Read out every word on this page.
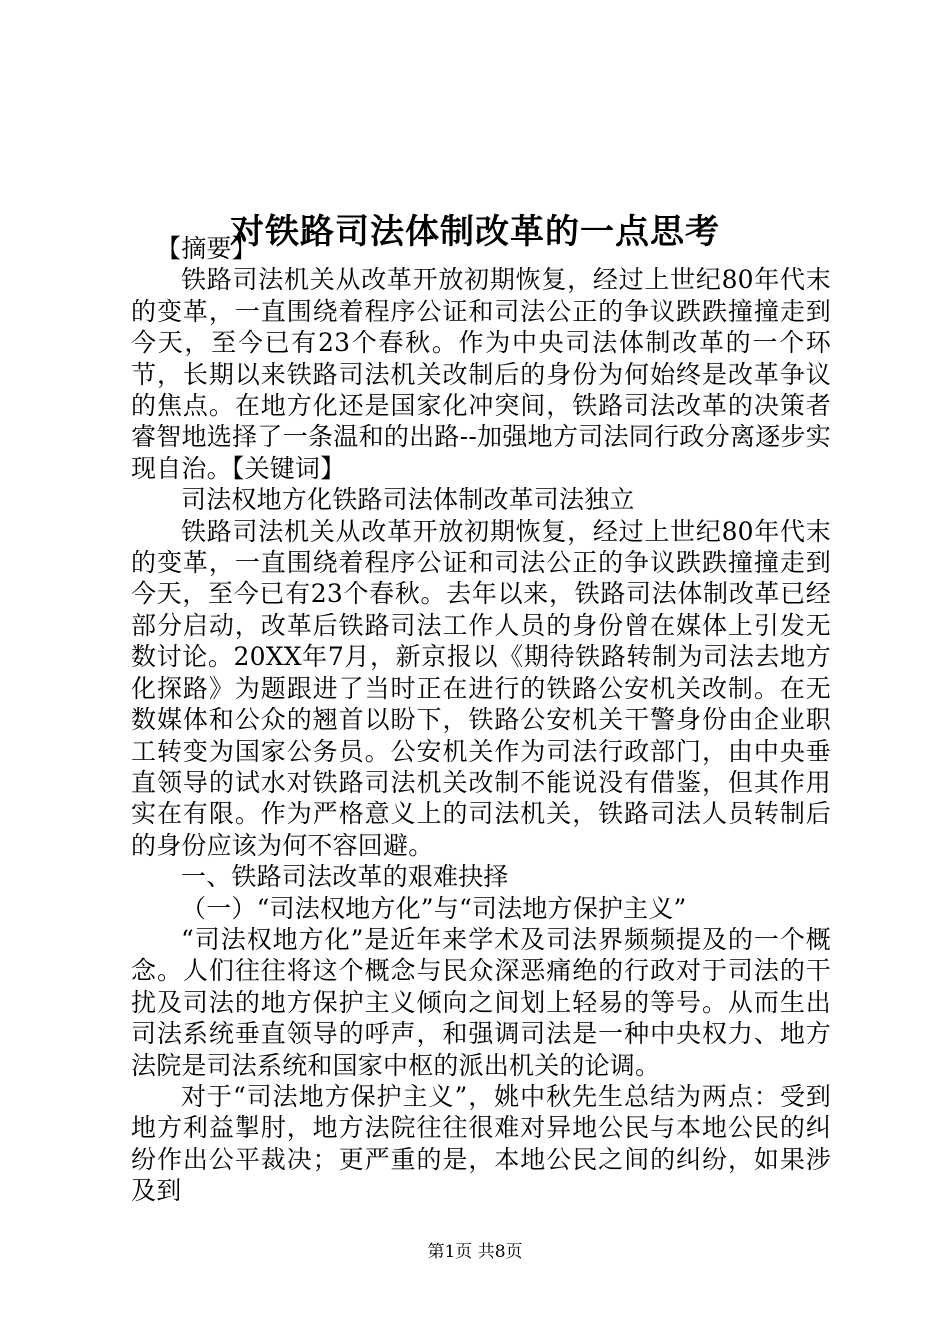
对铁路司法体制改革的一点思考

【摘要】

铁路司法机关从改革开放初期恢复，经过上世纪80年代末的变革，一直围绕着程序公证和司法公正的争议跌跌撞撞走到今天，至今已有23个春秋。作为中央司法体制改革的一个环节，长期以来铁路司法机关改制后的身份为何始终是改革争议的焦点。在地方化还是国家化冲突间，铁路司法改革的决策者睿智地选择了一条温和的出路--加强地方司法同行政分离逐步实现自治。【关键词】

司法权地方化铁路司法体制改革司法独立

铁路司法机关从改革开放初期恢复，经过上世纪80年代末的变革，一直围绕着程序公证和司法公正的争议跌跌撞撞走到今天，至今已有23个春秋。去年以来，铁路司法体制改革已经部分启动，改革后铁路司法工作人员的身份曾在媒体上引发无数讨论。20XX年7月，新京报以《期待铁路转制为司法去地方化探路》为题跟进了当时正在进行的铁路公安机关改制。在无数媒体和公众的翘首以盼下，铁路公安机关干警身份由企业职工转变为国家公务员。公安机关作为司法行政部门，由中央垂直领导的试水对铁路司法机关改制不能说没有借鉴，但其作用实在有限。作为严格意义上的司法机关，铁路司法人员转制后的身份应该为何不容回避。

一、铁路司法改革的艰难抉择

（一）“司法权地方化”与“司法地方保护主义”

“司法权地方化”是近年来学术及司法界频频提及的一个概念。人们往往将这个概念与民众深恶痛绝的行政对于司法的干扰及司法的地方保护主义倾向之间划上轻易的等号。从而生出司法系统垂直领导的呼声，和强调司法是一种中央权力、地方法院是司法系统和国家中枢的派出机关的论调。

对于“司法地方保护主义”，姚中秋先生总结为两点：受到地方利益掣肘，地方法院往往很难对异地公民与本地公民的纠纷作出公平裁决；更严重的是，本地公民之间的纠纷，如果涉及到

第1页 共8页
